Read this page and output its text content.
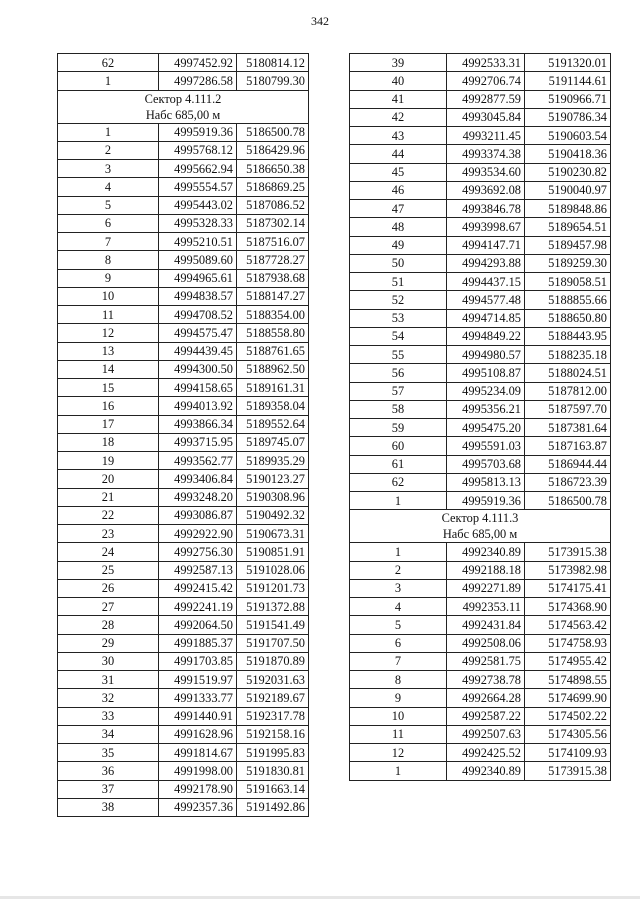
342
62	4997452.92	5180814.12
1	4997286.58	5180799.30

Сектор 4.111.2
Набс 685,00 м		

1	4995919.36	5186500.78
2	4995768.12	5186429.96
3	4995662.94	5186650.38
4	4995554.57	5186869.25
5	4995443.02	5187086.52
6	4995328.33	5187302.14
7	4995210.51	5187516.07
8	4995089.60	5187728.27
9	4994965.61	5187938.68
10	4994838.57	5188147.27
11	4994708.52	5188354.00
12	4994575.47	5188558.80
13	4994439.45	5188761.65
14	4994300.50	5188962.50
15	4994158.65	5189161.31
16	4994013.92	5189358.04
17	4993866.34	5189552.64
18	4993715.95	5189745.07
19	4993562.77	5189935.29
20	4993406.84	5190123.27
21	4993248.20	5190308.96
22	4993086.87	5190492.32
23	4992922.90	5190673.31
24	4992756.30	5190851.91
25	4992587.13	5191028.06
26	4992415.42	5191201.73
27	4992241.19	5191372.88
28	4992064.50	5191541.49
29	4991885.37	5191707.50
30	4991703.85	5191870.89
31	4991519.97	5192031.63
32	4991333.77	5192189.67
33	4991440.91	5192317.78
34	4991628.96	5192158.16
35	4991814.67	5191995.83
36	4991998.00	5191830.81
37	4992178.90	5191663.14
38	4992357.36	5191492.86
39	4992533.31	5191320.01
40	4992706.74	5191144.61
41	4992877.59	5190966.71
42	4993045.84	5190786.34
43	4993211.45	5190603.54
44	4993374.38	5190418.36
45	4993534.60	5190230.82
46	4993692.08	5190040.97
47	4993846.78	5189848.86
48	4993998.67	5189654.51
49	4994147.71	5189457.98
50	4994293.88	5189259.30
51	4994437.15	5189058.51
52	4994577.48	5188855.66
53	4994714.85	5188650.80
54	4994849.22	5188443.95
55	4994980.57	5188235.18
56	4995108.87	5188024.51
57	4995234.09	5187812.00
58	4995356.21	5187597.70
59	4995475.20	5187381.64
60	4995591.03	5187163.87
61	4995703.68	5186944.44
62	4995813.13	5186723.39
1	4995919.36	5186500.78

Сектор 4.111.3
Набс 685,00 м		

1	4992340.89	5173915.38
2	4992188.18	5173982.98
3	4992271.89	5174175.41
4	4992353.11	5174368.90
5	4992431.84	5174563.42
6	4992508.06	5174758.93
7	4992581.75	5174955.42
8	4992738.78	5174898.55
9	4992664.28	5174699.90
10	4992587.22	5174502.22
11	4992507.63	5174305.56
12	4992425.52	5174109.93
1	4992340.89	5173915.38
